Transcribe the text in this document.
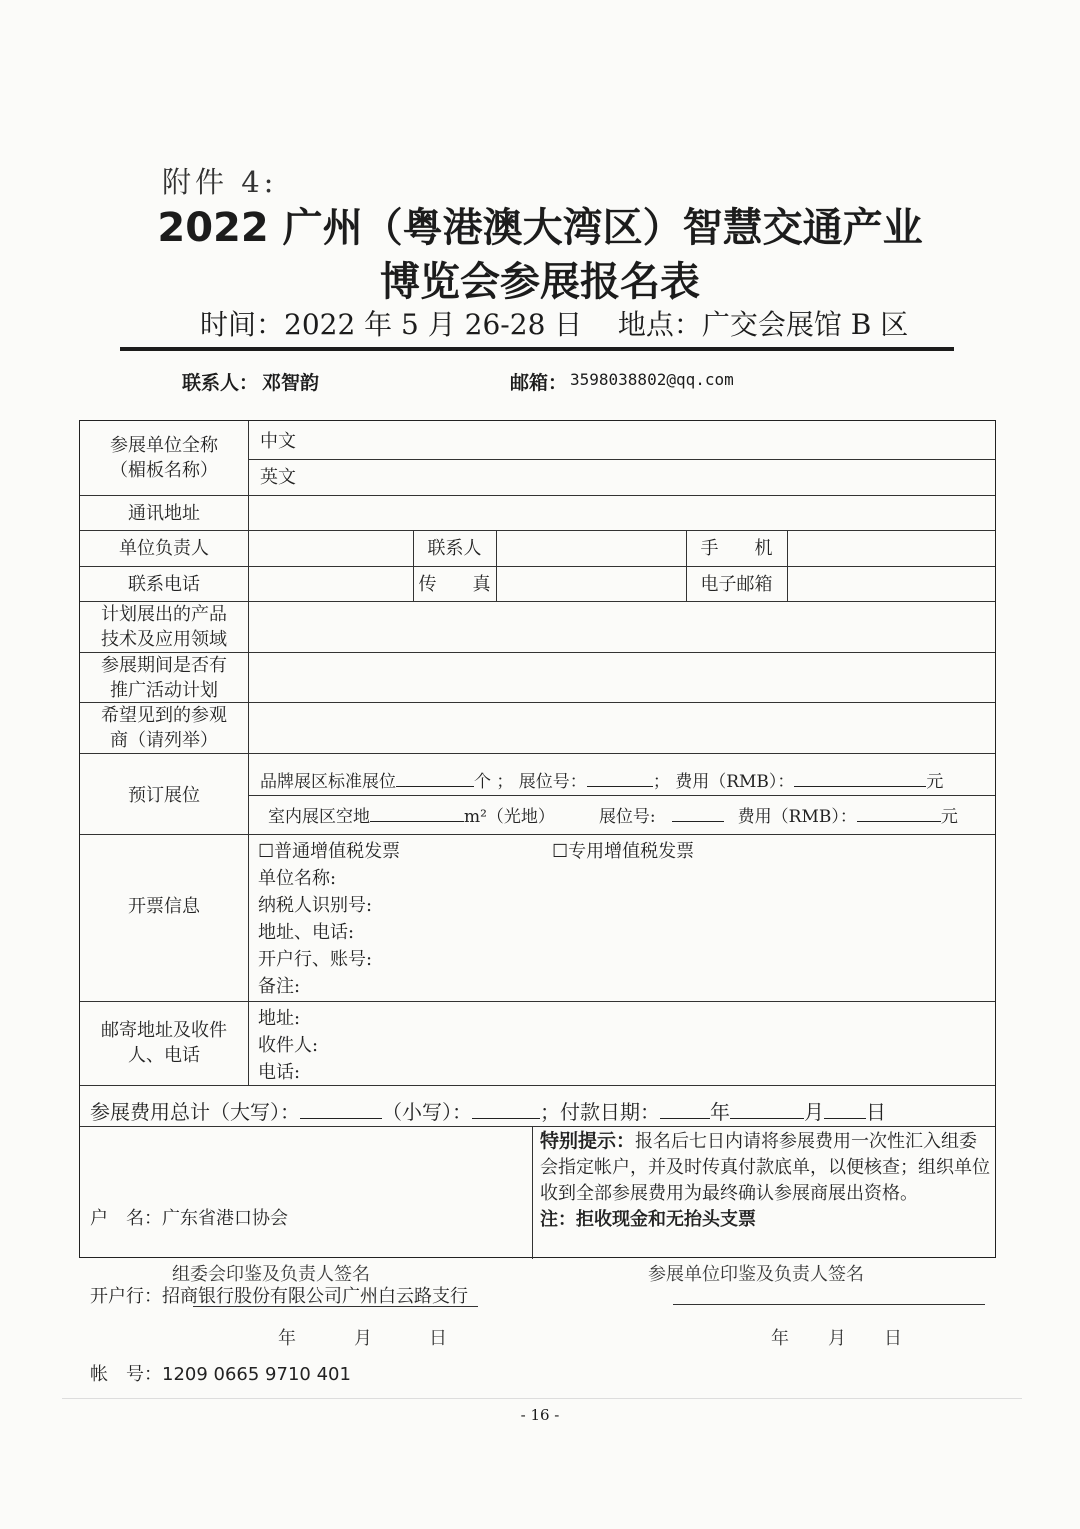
附件 4:
2022 广州（粤港澳大湾区）智慧交通产业
博览会参展报名表
时间：2022 年 5 月 26-28 日    地点：广交会展馆 B 区
联系人： 邓智韵	邮箱： 3598038802@qq.com
参展单位全称
（楣板名称）
中文
英文
通讯地址
单位负责人	联系人	手　　机
联系电话	传　　真	电子邮箱
计划展出的产品
技术及应用领域
参展期间是否有
推广活动计划
希望见到的参观
商（请列举）
预订展位
品牌展区标准展位	个 ； 展位号：	； 费用（RMB）：	元
室内展区空地	m²（光地）	展位号:	费用（RMB）：	元
开票信息
☐普通增值税发票	☐专用增值税发票
单位名称:
纳税人识别号:
地址、电话:
开户行、账号:
备注:
邮寄地址及收件
人、电话
地址:
收件人:
电话:
参展费用总计（大写）：	（小写）：	；付款日期：	年	月 日

户　名：广东省港口协会

开户行：招商银行股份有限公司广州白云路支行

帐　号：1209 0665 9710 401

特别提示：报名后七日内请将参展费用一次性汇入组委会指定帐户，并及时传真付款底单，以便核查；组织单位收到全部参展费用为最终确认参展商展出资格。
注：拒收现金和无抬头支票
组委会印鉴及负责人签名	参展单位印鉴及负责人签名
年	月	日	年 月 日
- 16 -
